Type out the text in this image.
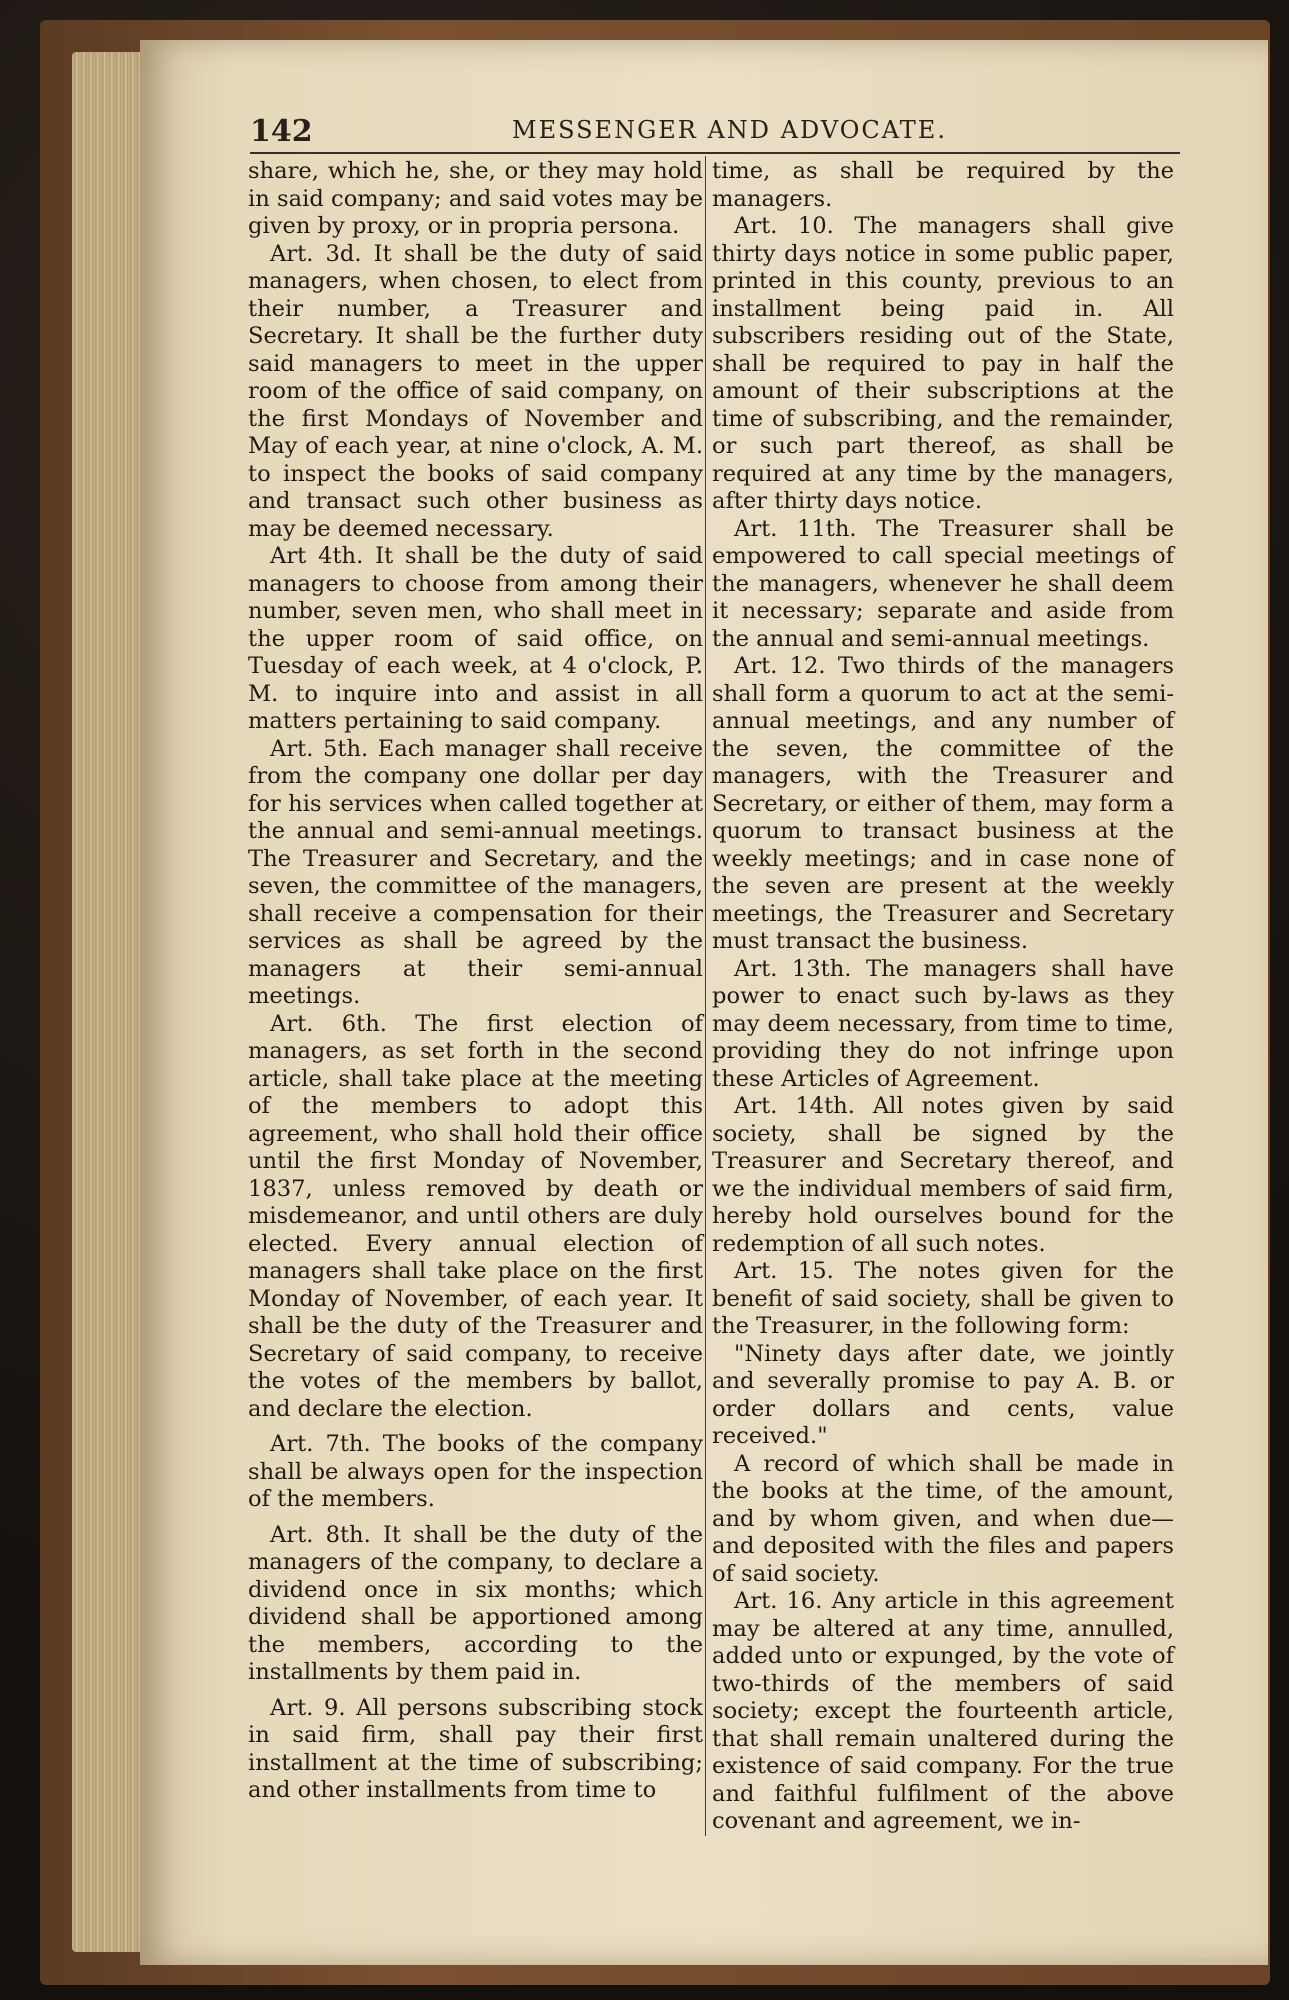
142	MESSENGER AND ADVOCATE.

share, which he, she, or they may hold in said company; and said votes may be given by proxy, or in propria persona.

Art. 3d. It shall be the duty of said managers, when chosen, to elect from their number, a Treasurer and Secretary. It shall be the further duty said managers to meet in the upper room of the office of said company, on the first Mondays of November and May of each year, at nine o'clock, A. M. to inspect the books of said company and transact such other business as may be deemed necessary.

Art 4th. It shall be the duty of said managers to choose from among their number, seven men, who shall meet in the upper room of said office, on Tuesday of each week, at 4 o'clock, P. M. to inquire into and assist in all matters pertaining to said company.

Art. 5th. Each manager shall receive from the company one dollar per day for his services when called together at the annual and semi-annual meetings. The Treasurer and Secretary, and the seven, the committee of the managers, shall receive a compensation for their services as shall be agreed by the managers at their semi-annual meetings.

Art. 6th. The first election of managers, as set forth in the second article, shall take place at the meeting of the members to adopt this agreement, who shall hold their office until the first Monday of November, 1837, unless removed by death or misdemeanor, and until others are duly elected. Every annual election of managers shall take place on the first Monday of November, of each year. It shall be the duty of the Treasurer and Secretary of said company, to receive the votes of the members by ballot, and declare the election.

Art. 7th. The books of the company shall be always open for the inspection of the members.

Art. 8th. It shall be the duty of the managers of the company, to declare a dividend once in six months; which dividend shall be apportioned among the members, according to the installments by them paid in.

Art. 9. All persons subscribing stock in said firm, shall pay their first installment at the time of subscribing; and other installments from time to

time, as shall be required by the managers.

Art. 10. The managers shall give thirty days notice in some public paper, printed in this county, previous to an installment being paid in. All subscribers residing out of the State, shall be required to pay in half the amount of their subscriptions at the time of subscribing, and the remainder, or such part thereof, as shall be required at any time by the managers, after thirty days notice.

Art. 11th. The Treasurer shall be empowered to call special meetings of the managers, whenever he shall deem it necessary; separate and aside from the annual and semi-annual meetings.

Art. 12. Two thirds of the managers shall form a quorum to act at the semi-annual meetings, and any number of the seven, the committee of the managers, with the Treasurer and Secretary, or either of them, may form a quorum to transact business at the weekly meetings; and in case none of the seven are present at the weekly meetings, the Treasurer and Secretary must transact the business.

Art. 13th. The managers shall have power to enact such by-laws as they may deem necessary, from time to time, providing they do not infringe upon these Articles of Agreement.

Art. 14th. All notes given by said society, shall be signed by the Treasurer and Secretary thereof, and we the individual members of said firm, hereby hold ourselves bound for the redemption of all such notes.

Art. 15. The notes given for the benefit of said society, shall be given to the Treasurer, in the following form:

"Ninety days after date, we jointly and severally promise to pay A. B. or order dollars and cents, value received."

A record of which shall be made in the books at the time, of the amount, and by whom given, and when due—and deposited with the files and papers of said society.

Art. 16. Any article in this agreement may be altered at any time, annulled, added unto or expunged, by the vote of two-thirds of the members of said society; except the fourteenth article, that shall remain unaltered during the existence of said company. For the true and faithful fulfilment of the above covenant and agreement, we in-
